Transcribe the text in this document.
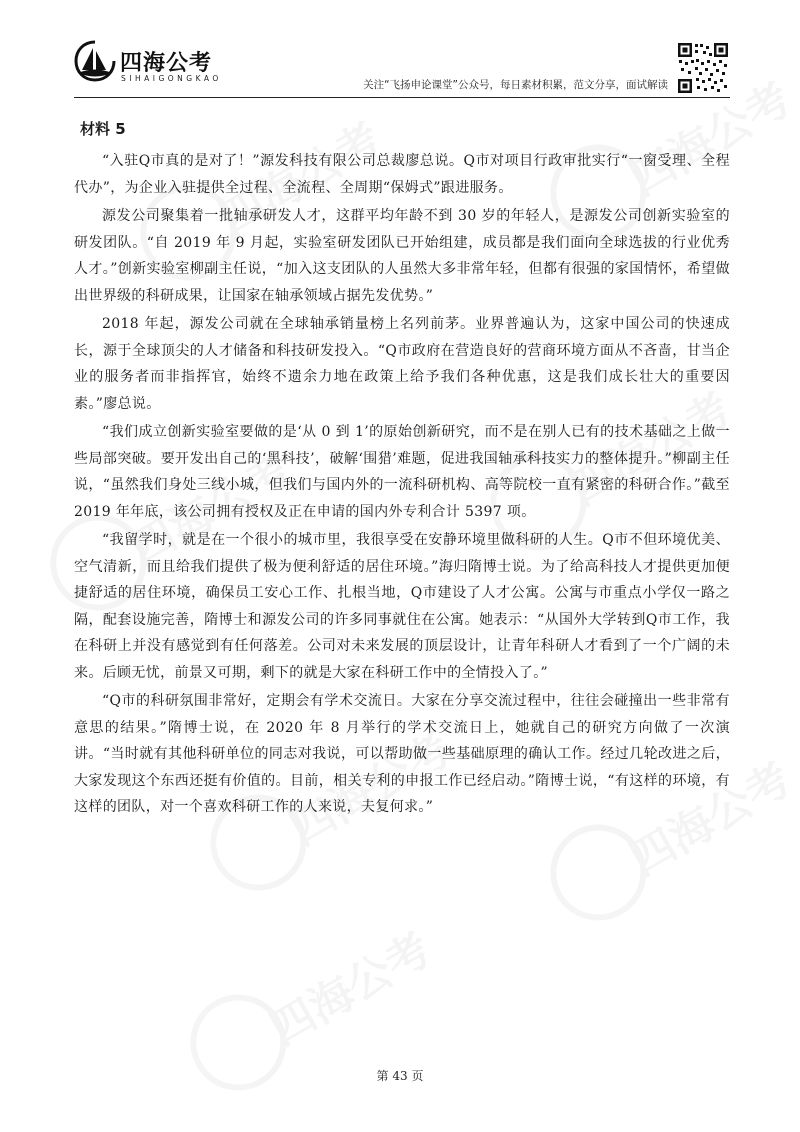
四海公考
SIHAIGONGKAO
关注“飞扬申论课堂”公众号，每日素材积累，范文分享，面试解读
材料 5

“入驻Q市真的是对了！”源发科技有限公司总裁廖总说。Q市对项目行政审批实行“一窗受理、全程代办”，为企业入驻提供全过程、全流程、全周期“保姆式”跟进服务。

源发公司聚集着一批轴承研发人才，这群平均年龄不到 30 岁的年轻人，是源发公司创新实验室的研发团队。“自 2019 年 9 月起，实验室研发团队已开始组建，成员都是我们面向全球选拔的行业优秀人才。”创新实验室柳副主任说，“加入这支团队的人虽然大多非常年轻，但都有很强的家国情怀，希望做出世界级的科研成果，让国家在轴承领域占据先发优势。”

2018 年起，源发公司就在全球轴承销量榜上名列前茅。业界普遍认为，这家中国公司的快速成长，源于全球顶尖的人才储备和科技研发投入。“Q市政府在营造良好的营商环境方面从不吝啬，甘当企业的服务者而非指挥官，始终不遗余力地在政策上给予我们各种优惠，这是我们成长壮大的重要因素。”廖总说。

“我们成立创新实验室要做的是‘从 0 到 1’的原始创新研究，而不是在别人已有的技术基础之上做一些局部突破。要开发出自己的‘黑科技’，破解‘围猎’难题，促进我国轴承科技实力的整体提升。”柳副主任说，“虽然我们身处三线小城，但我们与国内外的一流科研机构、高等院校一直有紧密的科研合作。”截至 2019 年年底，该公司拥有授权及正在申请的国内外专利合计 5397 项。

“我留学时，就是在一个很小的城市里，我很享受在安静环境里做科研的人生。Q市不但环境优美、空气清新，而且给我们提供了极为便利舒适的居住环境。”海归隋博士说。为了给高科技人才提供更加便捷舒适的居住环境，确保员工安心工作、扎根当地，Q市建设了人才公寓。公寓与市重点小学仅一路之隔，配套设施完善，隋博士和源发公司的许多同事就住在公寓。她表示：“从国外大学转到Q市工作，我在科研上并没有感觉到有任何落差。公司对未来发展的顶层设计，让青年科研人才看到了一个广阔的未来。后顾无忧，前景又可期，剩下的就是大家在科研工作中的全情投入了。”

“Q市的科研氛围非常好，定期会有学术交流日。大家在分享交流过程中，往往会碰撞出一些非常有意思的结果。”隋博士说，在 2020 年 8 月举行的学术交流日上，她就自己的研究方向做了一次演讲。“当时就有其他科研单位的同志对我说，可以帮助做一些基础原理的确认工作。经过几轮改进之后，大家发现这个东西还挺有价值的。目前，相关专利的申报工作已经启动。”隋博士说，“有这样的环境，有这样的团队，对一个喜欢科研工作的人来说，夫复何求。”

第 43 页
